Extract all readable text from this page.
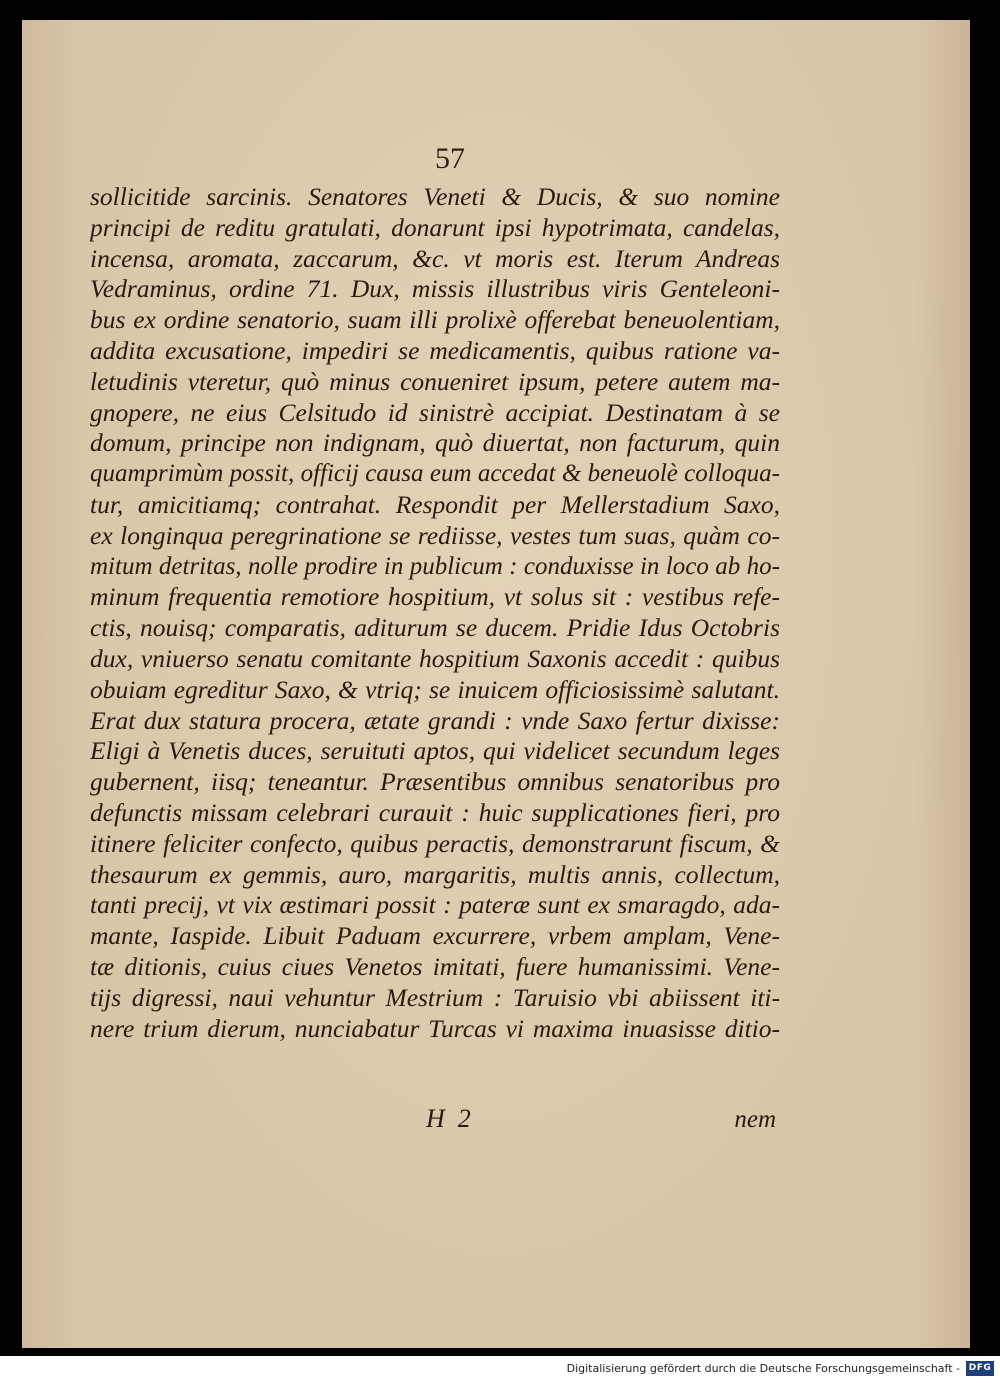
57
sollicitide sarcinis. Senatores Veneti & Ducis, & suo nomine
principi de reditu gratulati, donarunt ipsi hypotrimata, candelas,
incensa, aromata, zaccarum, &c. vt moris est. Iterum Andreas
Vedraminus, ordine 71. Dux, missis illustribus viris Genteleoni-
bus ex ordine senatorio, suam illi prolixè offerebat beneuolentiam,
addita excusatione, impediri se medicamentis, quibus ratione va-
letudinis vteretur, quò minus conueniret ipsum, petere autem ma-
gnopere, ne eius Celsitudo id sinistrè accipiat. Destinatam à se
domum, principe non indignam, quò diuertat, non facturum, quin
quamprimùm possit, officij causa eum accedat & beneuolè colloqua-
tur, amicitiamq; contrahat. Respondit per Mellerstadium Saxo,
ex longinqua peregrinatione se rediisse, vestes tum suas, quàm co-
mitum detritas, nolle prodire in publicum : conduxisse in loco ab ho-
minum frequentia remotiore hospitium, vt solus sit : vestibus refe-
ctis, nouisq; comparatis, aditurum se ducem. Pridie Idus Octobris
dux, vniuerso senatu comitante hospitium Saxonis accedit : quibus
obuiam egreditur Saxo, & vtriq; se inuicem officiosissimè salutant.
Erat dux statura procera, ætate grandi : vnde Saxo fertur dixisse:
Eligi à Venetis duces, seruituti aptos, qui videlicet secundum leges
gubernent, iisq; teneantur. Præsentibus omnibus senatoribus pro
defunctis missam celebrari curauit : huic supplicationes fieri, pro
itinere feliciter confecto, quibus peractis, demonstrarunt fiscum, &
thesaurum ex gemmis, auro, margaritis, multis annis, collectum,
tanti precij, vt vix æstimari possit : pateræ sunt ex smaragdo, ada-
mante, Iaspide. Libuit Paduam excurrere, vrbem amplam, Vene-
tæ ditionis, cuius ciues Venetos imitati, fuere humanissimi. Vene-
tijs digressi, naui vehuntur Mestrium : Taruisio vbi abiissent iti-
nere trium dierum, nunciabatur Turcas vi maxima inuasisse ditio-
H  2	nem
Digitalisierung gefördert durch die Deutsche Forschungsgemeinschaft - DFG
